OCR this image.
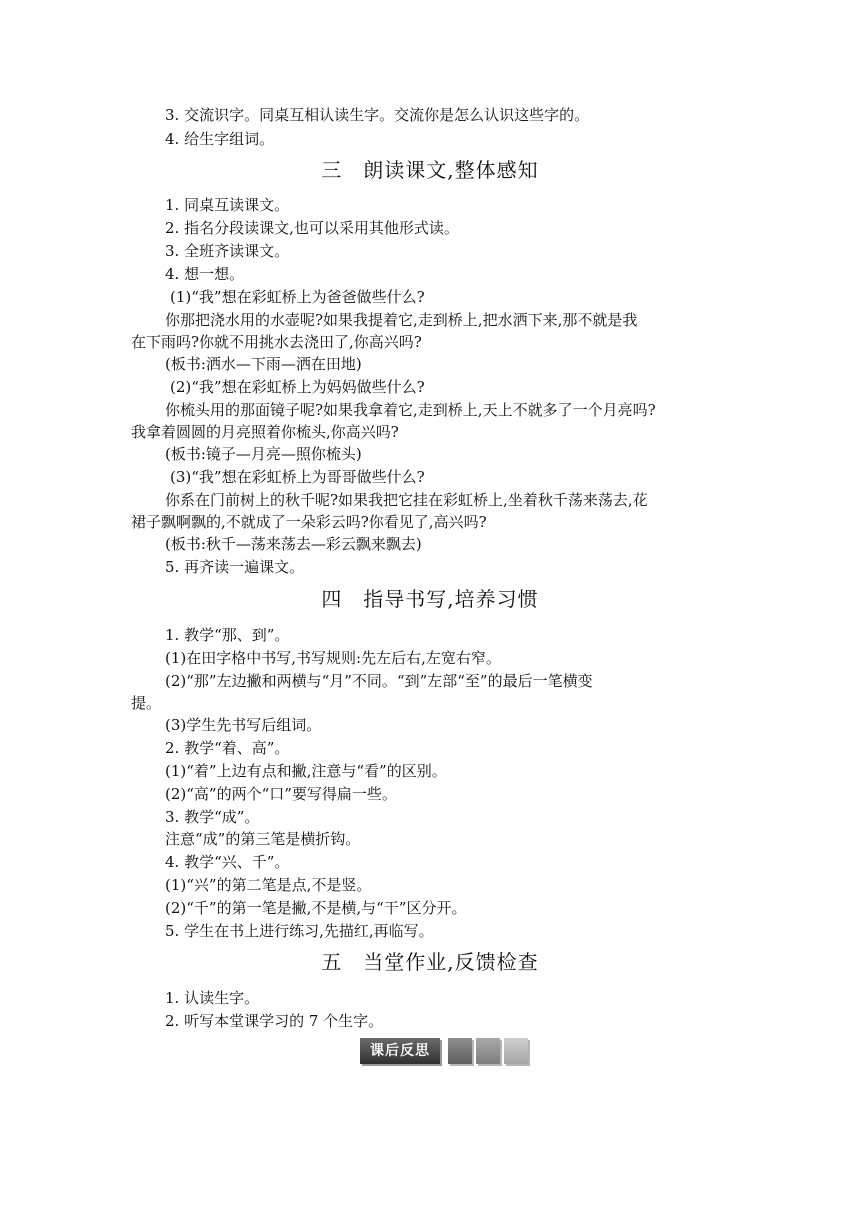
3. 交流识字。同桌互相认读生字。交流你是怎么认识这些字的。
4. 给生字组词。
三　朗读课文,整体感知
1. 同桌互读课文。
2. 指名分段读课文,也可以采用其他形式读。
3. 全班齐读课文。
4. 想一想。
(1)“我”想在彩虹桥上为爸爸做些什么?
你那把浇水用的水壶呢?如果我提着它,走到桥上,把水洒下来,那不就是我
在下雨吗?你就不用挑水去浇田了,你高兴吗?
(板书:洒水—下雨—洒在田地)
(2)“我”想在彩虹桥上为妈妈做些什么?
你梳头用的那面镜子呢?如果我拿着它,走到桥上,天上不就多了一个月亮吗?
我拿着圆圆的月亮照着你梳头,你高兴吗?
(板书:镜子—月亮—照你梳头)
(3)“我”想在彩虹桥上为哥哥做些什么?
你系在门前树上的秋千呢?如果我把它挂在彩虹桥上,坐着秋千荡来荡去,花
裙子飘啊飘的,不就成了一朵彩云吗?你看见了,高兴吗?
(板书:秋千—荡来荡去—彩云飘来飘去)
5. 再齐读一遍课文。
四　指导书写,培养习惯
1. 教学“那、到”。
(1)在田字格中书写,书写规则:先左后右,左宽右窄。
(2)“那”左边撇和两横与“月”不同。“到”左部“至”的最后一笔横变
提。
(3)学生先书写后组词。
2. 教学“着、高”。
(1)“着”上边有点和撇,注意与“看”的区别。
(2)“高”的两个“口”要写得扁一些。
3. 教学“成”。
注意“成”的第三笔是横折钩。
4. 教学“兴、千”。
(1)“兴”的第二笔是点,不是竖。
(2)“千”的第一笔是撇,不是横,与“干”区分开。
5. 学生在书上进行练习,先描红,再临写。
五　当堂作业,反馈检查
1. 认读生字。
2. 听写本堂课学习的 7 个生字。
课后反思
